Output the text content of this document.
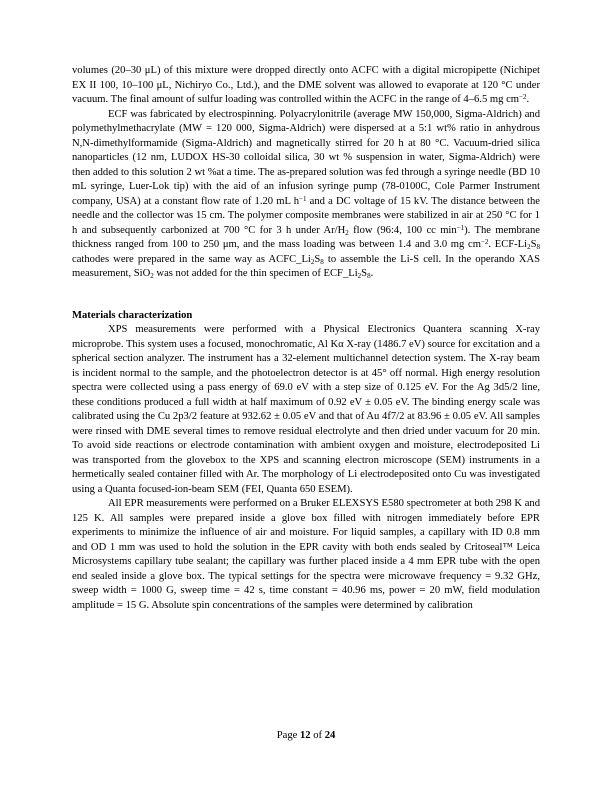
volumes (20–30 μL) of this mixture were dropped directly onto ACFC with a digital micropipette (Nichipet EX II 100, 10–100 μL, Nichiryo Co., Ltd.), and the DME solvent was allowed to evaporate at 120 °C under vacuum. The final amount of sulfur loading was controlled within the ACFC in the range of 4–6.5 mg $cm^{-2}$.

ECF was fabricated by electrospinning. Polyacrylonitrile (average MW 150,000, Sigma-Aldrich) and polymethylmethacrylate (MW = 120 000, Sigma-Aldrich) were dispersed at a 5:1 wt% ratio in anhydrous N,N-dimethylformamide (Sigma-Aldrich) and magnetically stirred for 20 h at 80 °C. Vacuum-dried silica nanoparticles (12 nm, LUDOX HS-30 colloidal silica, 30 wt % suspension in water, Sigma-Aldrich) were then added to this solution 2 wt %at a time. The as-prepared solution was fed through a syringe needle (BD 10 mL syringe, Luer-Lok tip) with the aid of an infusion syringe pump (78-0100C, Cole Parmer Instrument company, USA) at a constant flow rate of 1.20 mL $h^{-1}$ and a DC voltage of 15 kV. The distance between the needle and the collector was 15 cm. The polymer composite membranes were stabilized in air at 250 °C for 1 h and subsequently carbonized at 700 °C for 3 h under $Ar/H_2$ flow (96:4, 100 cc $\min^{-1}$). The membrane thickness ranged from 100 to 250 μm, and the mass loading was between 1.4 and 3.0 mg $cm^{-2}$. ECF-$Li_2S_8$ cathodes were prepared in the same way as $ACFC\_Li_2S_8$ to assemble the Li-S cell. In the operando XAS measurement, SiO$_2$ was not added for the thin specimen of $ECF\_Li_2S_8$.

Materials characterization

XPS measurements were performed with a Physical Electronics Quantera scanning X-ray microprobe. This system uses a focused, monochromatic, Al Kα X-ray (1486.7 eV) source for excitation and a spherical section analyzer. The instrument has a 32-element multichannel detection system. The X-ray beam is incident normal to the sample, and the photoelectron detector is at 45° off normal. High energy resolution spectra were collected using a pass energy of 69.0 eV with a step size of 0.125 eV. For the Ag 3d5/2 line, these conditions produced a full width at half maximum of 0.92 eV ± 0.05 eV. The binding energy scale was calibrated using the Cu 2p3/2 feature at 932.62 ± 0.05 eV and that of Au 4f7/2 at 83.96 ± 0.05 eV. All samples were rinsed with DME several times to remove residual electrolyte and then dried under vacuum for 20 min. To avoid side reactions or electrode contamination with ambient oxygen and moisture, electrodeposited Li was transported from the glovebox to the XPS and scanning electron microscope (SEM) instruments in a hermetically sealed container filled with Ar. The morphology of Li electrodeposited onto Cu was investigated using a Quanta focused-ion-beam SEM (FEI, Quanta 650 ESEM).

All EPR measurements were performed on a Bruker ELEXSYS E580 spectrometer at both 298 K and 125 K. All samples were prepared inside a glove box filled with nitrogen immediately before EPR experiments to minimize the influence of air and moisture. For liquid samples, a capillary with ID 0.8 mm and OD 1 mm was used to hold the solution in the EPR cavity with both ends sealed by Critoseal™ Leica Microsystems capillary tube sealant; the capillary was further placed inside a 4 mm EPR tube with the open end sealed inside a glove box. The typical settings for the spectra were microwave frequency = 9.32 GHz, sweep width = 1000 G, sweep time = 42 s, time constant = 40.96 ms, power = 20 mW, field modulation amplitude = 15 G. Absolute spin concentrations of the samples were determined by calibration

Page 12 of 24
